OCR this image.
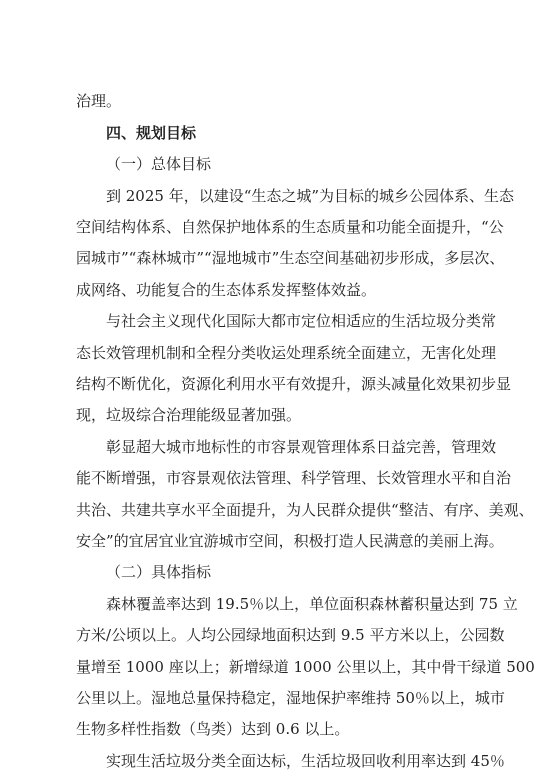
治理。
四、规划目标
（一）总体目标
到 2025 年，以建设“生态之城”为目标的城乡公园体系、生态
空间结构体系、自然保护地体系的生态质量和功能全面提升，“公
园城市”“森林城市”“湿地城市”生态空间基础初步形成，多层次、
成网络、功能复合的生态体系发挥整体效益。
与社会主义现代化国际大都市定位相适应的生活垃圾分类常
态长效管理机制和全程分类收运处理系统全面建立，无害化处理
结构不断优化，资源化利用水平有效提升，源头减量化效果初步显
现，垃圾综合治理能级显著加强。
彰显超大城市地标性的市容景观管理体系日益完善，管理效
能不断增强，市容景观依法管理、科学管理、长效管理水平和自治
共治、共建共享水平全面提升，为人民群众提供“整洁、有序、美观、
安全”的宜居宜业宜游城市空间，积极打造人民满意的美丽上海。
（二）具体指标
森林覆盖率达到 19.5％以上，单位面积森林蓄积量达到 75 立
方米/公顷以上。人均公园绿地面积达到 9.5 平方米以上，公园数
量增至 1000 座以上；新增绿道 1000 公里以上，其中骨干绿道 500
公里以上。湿地总量保持稳定，湿地保护率维持 50％以上，城市
生物多样性指数（鸟类）达到 0.6 以上。
实现生活垃圾分类全面达标，生活垃圾回收利用率达到 45％
